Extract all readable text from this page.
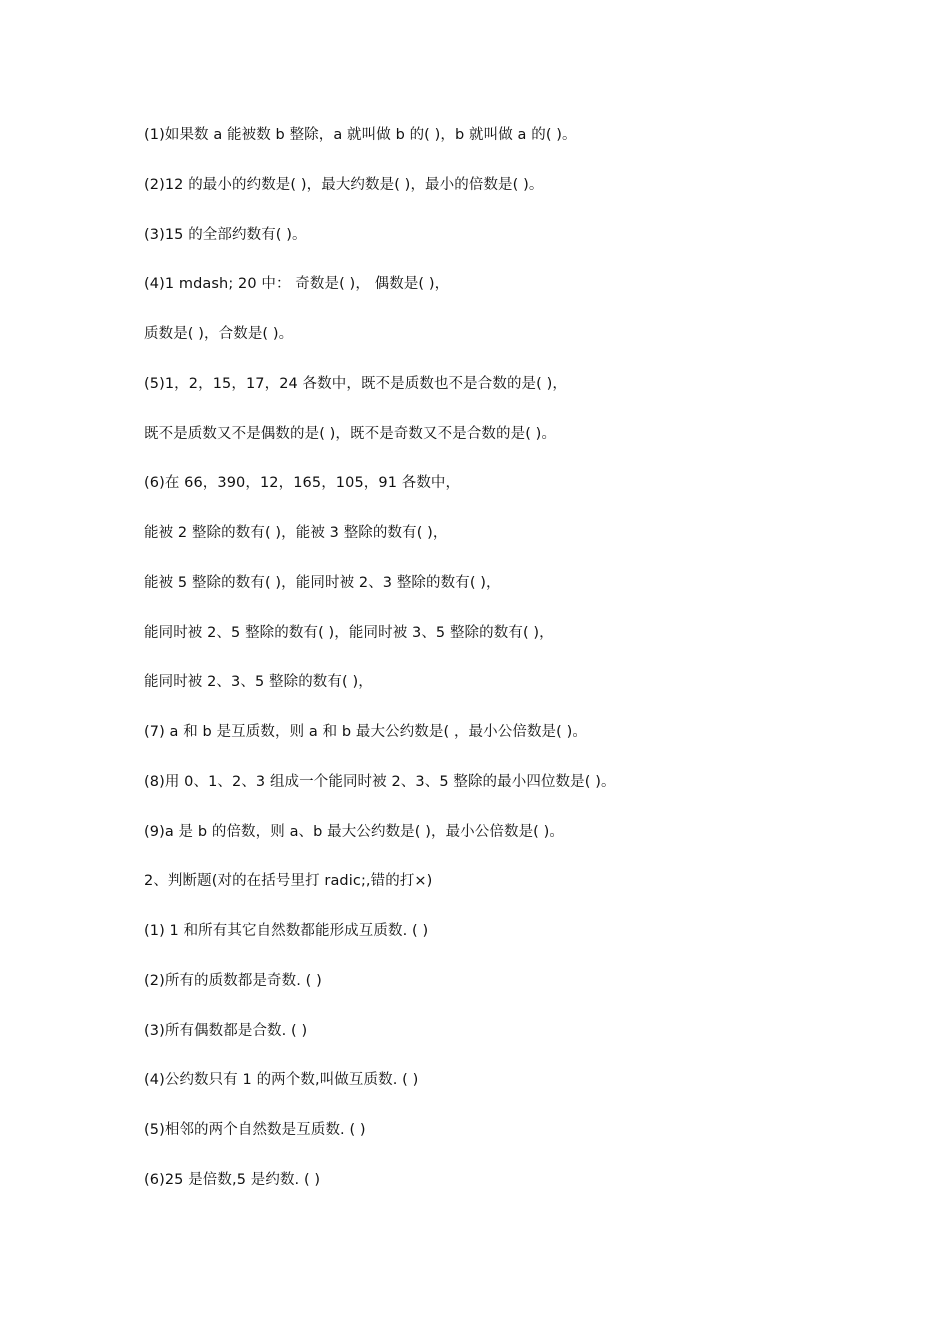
(1)如果数 a 能被数 b 整除，a 就叫做 b 的( )，b 就叫做 a 的( )。
(2)12 的最小的约数是( )，最大约数是( )，最小的倍数是( )。
(3)15 的全部约数有( )。
(4)1 mdash; 20 中： 奇数是( )， 偶数是( )，
质数是( )，合数是( )。
(5)1，2，15，17，24 各数中，既不是质数也不是合数的是( )，
既不是质数又不是偶数的是( )，既不是奇数又不是合数的是( )。
(6)在 66，390，12，165，105，91 各数中，
能被 2 整除的数有( )，能被 3 整除的数有( )，
能被 5 整除的数有( )，能同时被 2、3 整除的数有( )，
能同时被 2、5 整除的数有( )，能同时被 3、5 整除的数有( )，
能同时被 2、3、5 整除的数有( )，
(7) a 和 b 是互质数，则 a 和 b 最大公约数是( ，最小公倍数是( )。
(8)用 0、1、2、3 组成一个能同时被 2、3、5 整除的最小四位数是( )。
(9)a 是 b 的倍数，则 a、b 最大公约数是( )，最小公倍数是( )。
2、判断题(对的在括号里打 radic;,错的打×)
(1) 1 和所有其它自然数都能形成互质数. ( )
(2)所有的质数都是奇数. ( )
(3)所有偶数都是合数. ( )
(4)公约数只有 1 的两个数,叫做互质数. ( )
(5)相邻的两个自然数是互质数. ( )
(6)25 是倍数,5 是约数. ( )
